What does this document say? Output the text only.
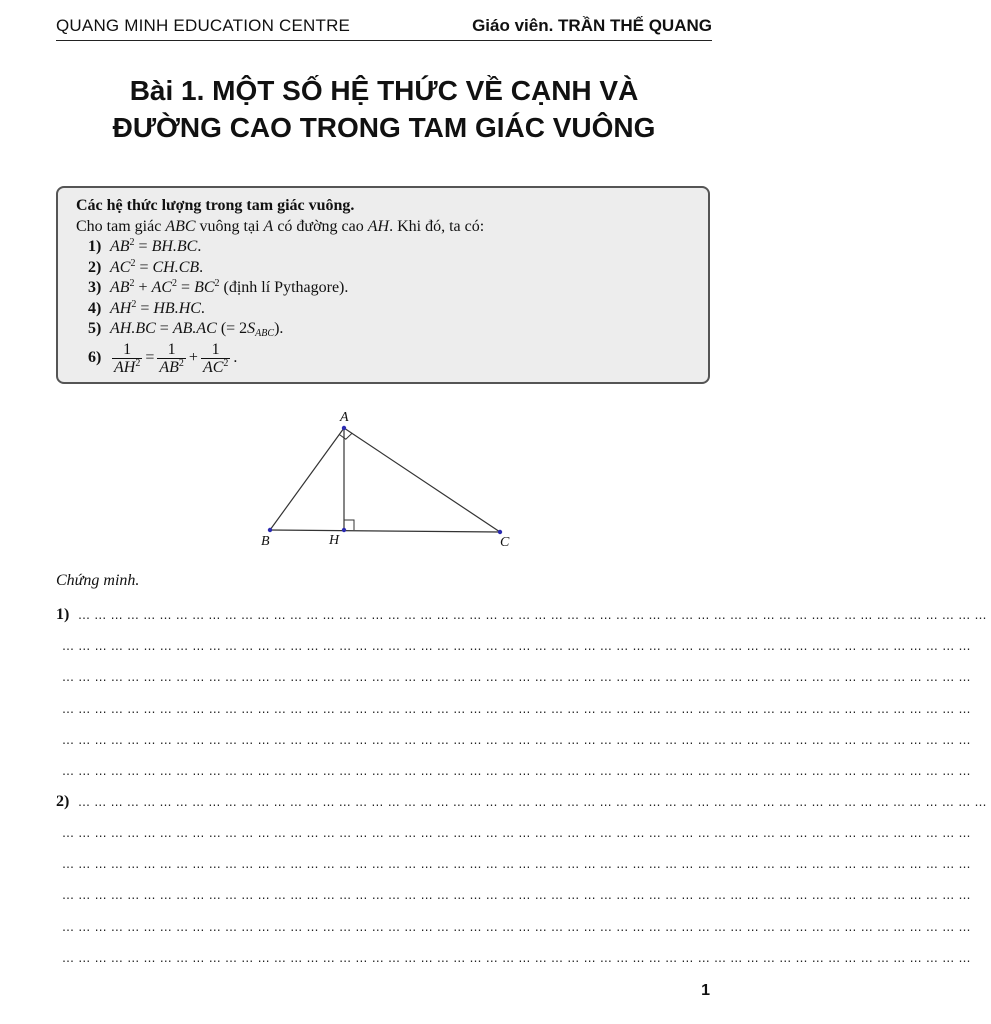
QUANG MINH EDUCATION CENTRE	Giáo viên. TRẦN THẾ QUANG
Bài 1. MỘT SỐ HỆ THỨC VỀ CẠNH VÀ
ĐƯỜNG CAO TRONG TAM GIÁC VUÔNG
Các hệ thức lượng trong tam giác vuông.
Cho tam giác ABC vuông tại A có đường cao AH. Khi đó, ta có:
1) $AB^2 = BH.BC$.
2) $AC^2 = CH.CB$.
3) $AB^2 + AC^2 = BC^2$ (định lí Pythagore).
4) $AH^2 = HB.HC$.
5) AH.BC = AB.AC (= $2S_{ABC}$).
$6) \frac{1}{AH^2} = \frac{1}{AB^2} + \frac{1}{AC^2}$ .
A
B	H	C
Chứng minh.
1) ……………………………………………………………………………………………………………………………………………………
……………………………………………………………………………………………………………………………………………………
……………………………………………………………………………………………………………………………………………………
……………………………………………………………………………………………………………………………………………………
……………………………………………………………………………………………………………………………………………………
……………………………………………………………………………………………………………………………………………………
2) ……………………………………………………………………………………………………………………………………………………
……………………………………………………………………………………………………………………………………………………
……………………………………………………………………………………………………………………………………………………
……………………………………………………………………………………………………………………………………………………
……………………………………………………………………………………………………………………………………………………
……………………………………………………………………………………………………………………………………………………
1
